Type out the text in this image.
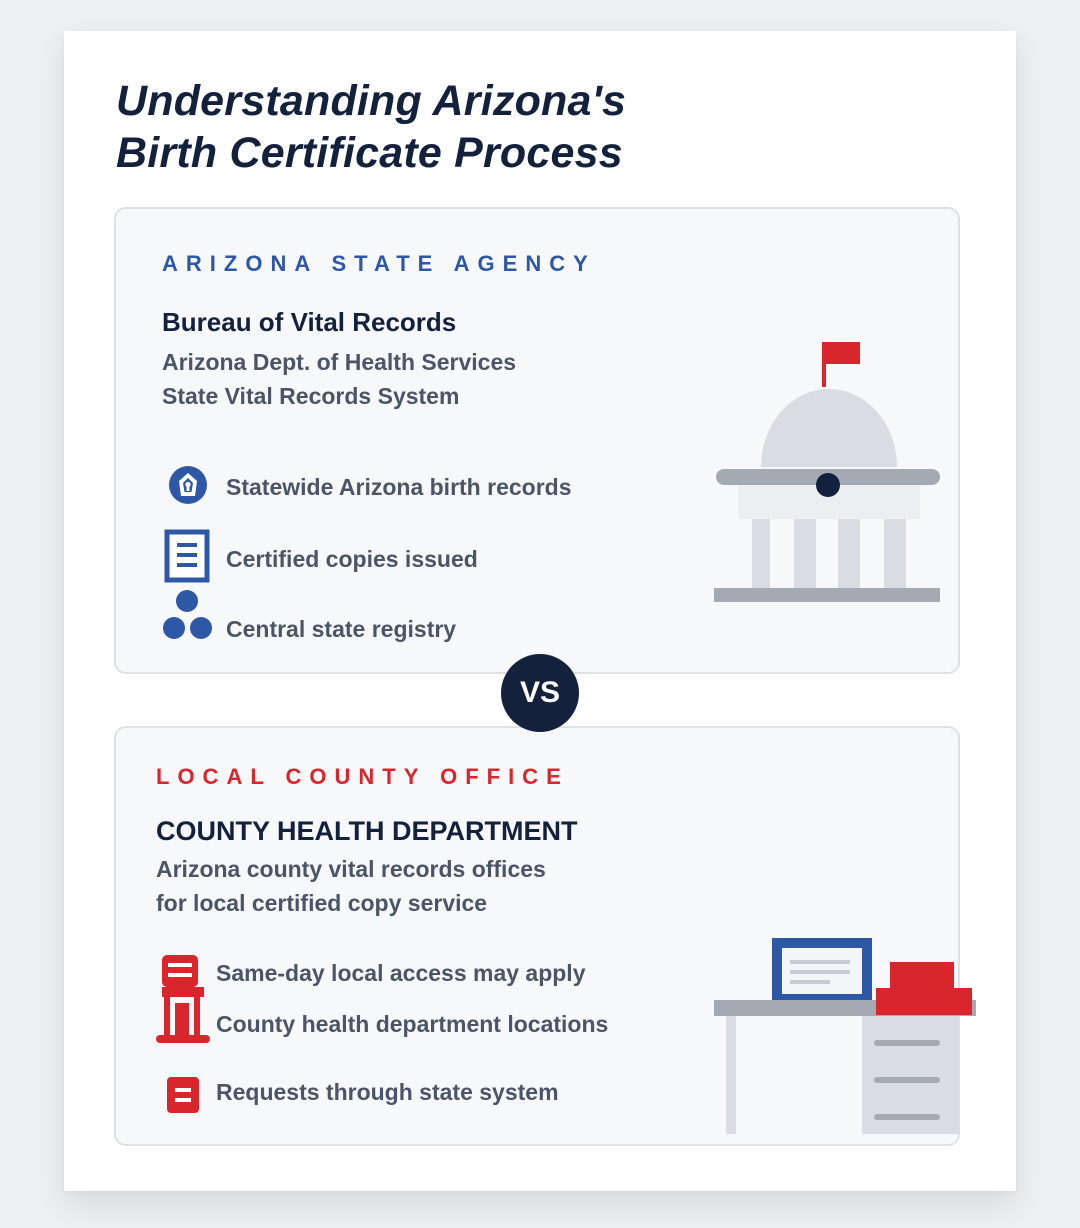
Understanding Arizona's
Birth Certificate Process
ARIZONA STATE AGENCY
Bureau of Vital Records
Arizona Dept. of Health Services
State Vital Records System
Statewide Arizona birth records
Certified copies issued
Central state registry
VS
LOCAL COUNTY OFFICE
COUNTY HEALTH DEPARTMENT
Arizona county vital records offices
for local certified copy service
Same-day local access may apply
County health department locations
Requests through state system
